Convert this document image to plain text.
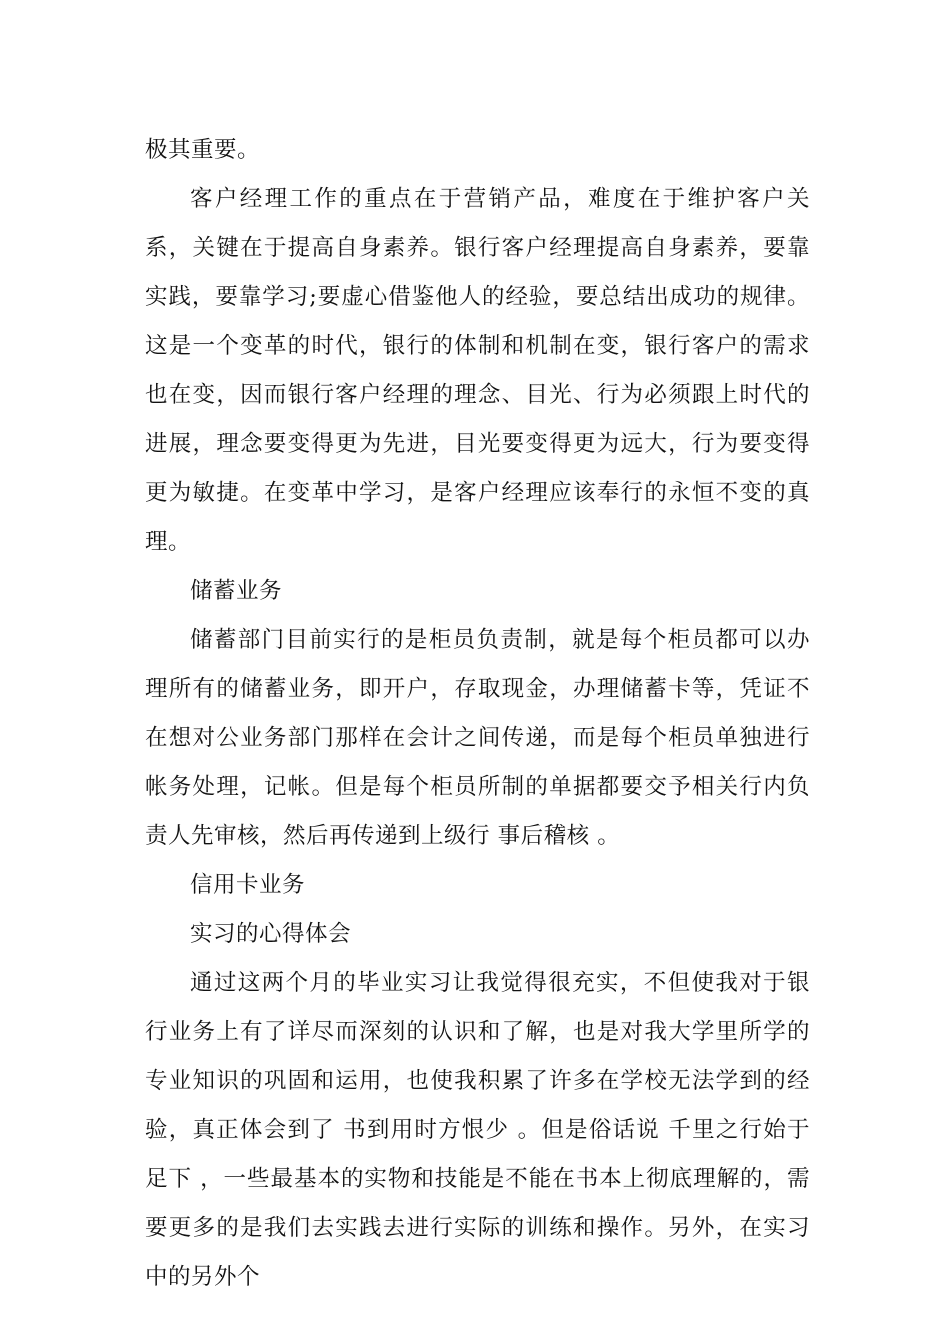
极其重要。

客户经理工作的重点在于营销产品，难度在于维护客户关系，关键在于提高自身素养。银行客户经理提高自身素养，要靠实践，要靠学习;要虚心借鉴他人的经验，要总结出成功的规律。这是一个变革的时代，银行的体制和机制在变，银行客户的需求也在变，因而银行客户经理的理念、目光、行为必须跟上时代的进展，理念要变得更为先进，目光要变得更为远大，行为要变得更为敏捷。在变革中学习，是客户经理应该奉行的永恒不变的真理。

储蓄业务

储蓄部门目前实行的是柜员负责制，就是每个柜员都可以办理所有的储蓄业务，即开户，存取现金，办理储蓄卡等，凭证不在想对公业务部门那样在会计之间传递，而是每个柜员单独进行帐务处理，记帐。但是每个柜员所制的单据都要交予相关行内负责人先审核，然后再传递到上级行 事后稽核 。

信用卡业务

实习的心得体会

通过这两个月的毕业实习让我觉得很充实，不但使我对于银行业务上有了详尽而深刻的认识和了解，也是对我大学里所学的专业知识的巩固和运用，也使我积累了许多在学校无法学到的经验，真正体会到了 书到用时方恨少 。但是俗话说 千里之行始于足下 ，一些最基本的实物和技能是不能在书本上彻底理解的，需要更多的是我们去实践去进行实际的训练和操作。另外，在实习中的另外个
